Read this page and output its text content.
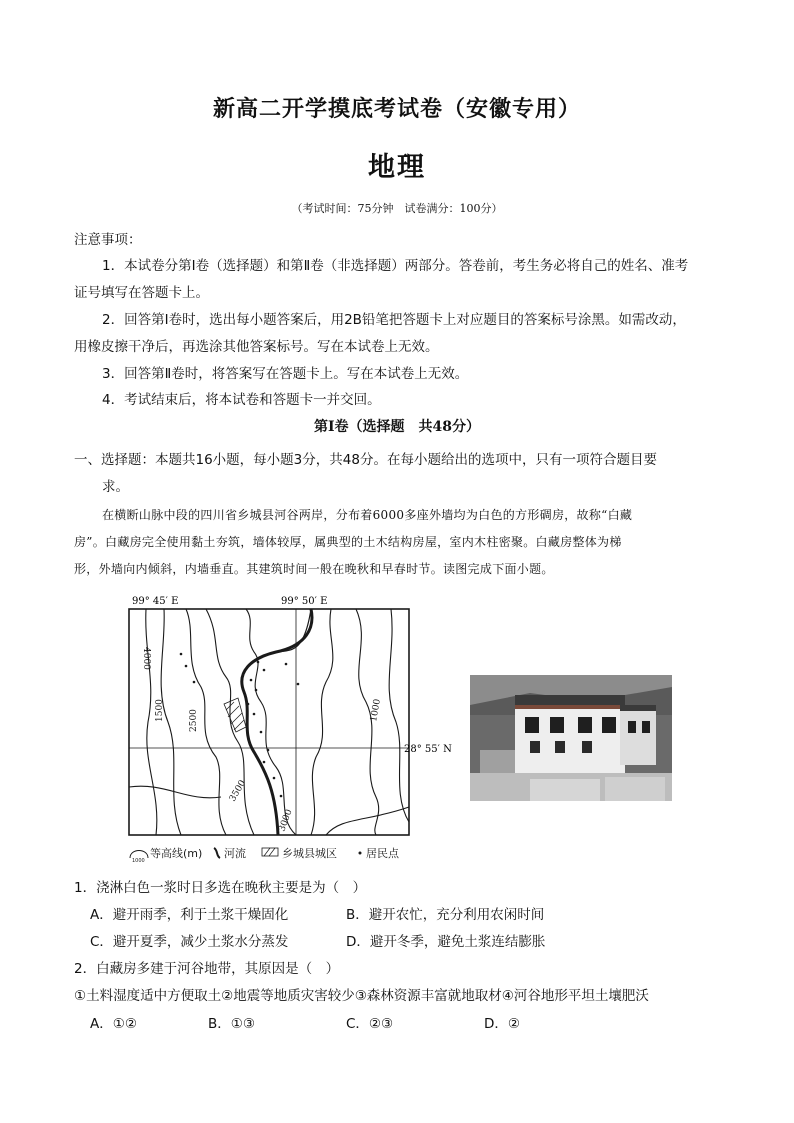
新高二开学摸底考试卷（安徽专用）
地理
（考试时间：75分钟　试卷满分：100分）
注意事项：
1．本试卷分第Ⅰ卷（选择题）和第Ⅱ卷（非选择题）两部分。答卷前，考生务必将自己的姓名、准考
证号填写在答题卡上。
2．回答第Ⅰ卷时，选出每小题答案后，用2B铅笔把答题卡上对应题目的答案标号涂黑。如需改动，
用橡皮擦干净后，再选涂其他答案标号。写在本试卷上无效。
3．回答第Ⅱ卷时，将答案写在答题卡上。写在本试卷上无效。
4．考试结束后，将本试卷和答题卡一并交回。
第Ⅰ卷（选择题　共48分）
一、选择题：本题共16小题，每小题3分，共48分。在每小题给出的选项中，只有一项符合题目要
求。
在横断山脉中段的四川省乡城县河谷两岸，分布着6000多座外墙均为白色的方形碉房，故称“白藏
房”。白藏房完全使用黏土夯筑，墙体较厚，属典型的土木结构房屋，室内木柱密聚。白藏房整体为梯
形，外墙向内倾斜，内墙垂直。其建筑时间一般在晚秋和早春时节。读图完成下面小题。
99° 45′ E	99° 50′ E
28° 55′ N
4000
1500	2500
3500
3000
1000
1000
等高线(m) 河流	乡城县城区	居民点
1．浇淋白色一浆时日多选在晚秋主要是为（　）
A．避开雨季，利于土浆干燥固化	B．避开农忙，充分利用农闲时间
C．避开夏季，减少土浆水分蒸发	D．避开冬季，避免土浆连结膨胀
2．白藏房多建于河谷地带，其原因是（　）
①土料湿度适中方便取土②地震等地质灾害较少③森林资源丰富就地取材④河谷地形平坦土壤肥沃
A．①②	B．①③	C．②③	D．②
